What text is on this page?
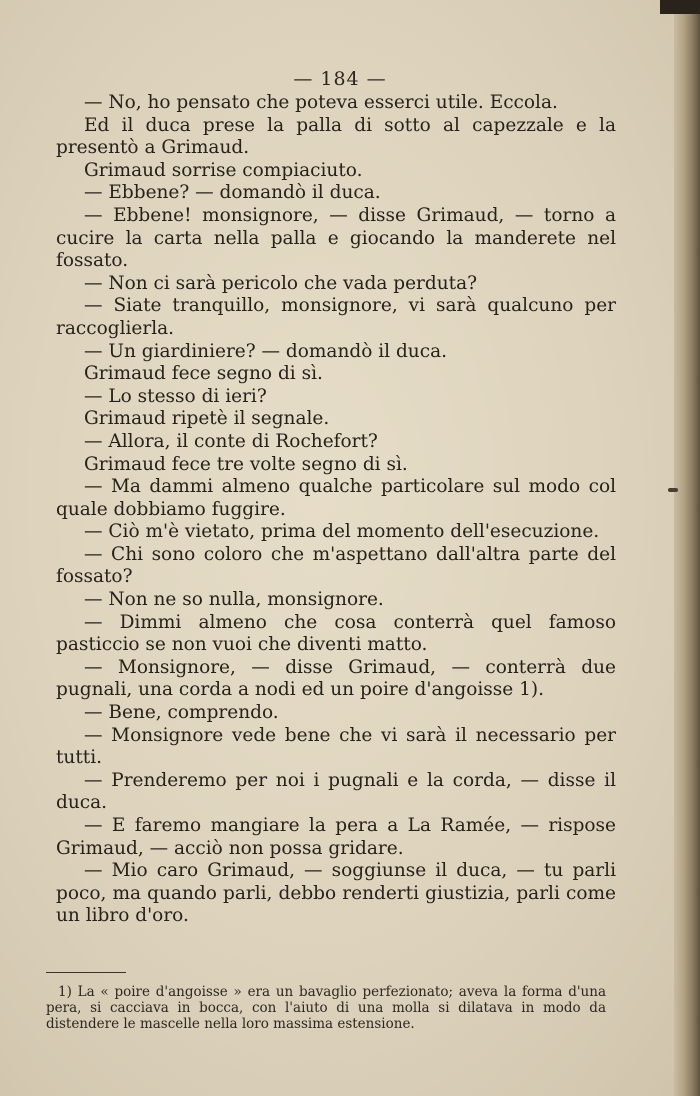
— 184 —

— No, ho pensato che poteva esserci utile. Eccola.

Ed il duca prese la palla di sotto al capezzale e la presentò a Grimaud.

Grimaud sorrise compiaciuto.

— Ebbene? — domandò il duca.

— Ebbene! monsignore, — disse Grimaud, — torno a cucire la carta nella palla e giocando la manderete nel fossato.

— Non ci sarà pericolo che vada perduta?

— Siate tranquillo, monsignore, vi sarà qualcuno per raccoglierla.

— Un giardiniere? — domandò il duca.

Grimaud fece segno di sì.

— Lo stesso di ieri?

Grimaud ripetè il segnale.

— Allora, il conte di Rochefort?

Grimaud fece tre volte segno di sì.

— Ma dammi almeno qualche particolare sul modo col quale dobbiamo fuggire.

— Ciò m'è vietato, prima del momento dell'esecuzione.

— Chi sono coloro che m'aspettano dall'altra parte del fossato?

— Non ne so nulla, monsignore.

— Dimmi almeno che cosa conterrà quel famoso pasticcio se non vuoi che diventi matto.

— Monsignore, — disse Grimaud, — conterrà due pugnali, una corda a nodi ed un poire d'angoisse 1).

— Bene, comprendo.

— Monsignore vede bene che vi sarà il necessario per tutti.

— Prenderemo per noi i pugnali e la corda, — disse il duca.

— E faremo mangiare la pera a La Ramée, — rispose Grimaud, — acciò non possa gridare.

— Mio caro Grimaud, — soggiunse il duca, — tu parli poco, ma quando parli, debbo renderti giustizia, parli come un libro d'oro.

1) La « poire d'angoisse » era un bavaglio perfezionato; aveva la forma d'una pera, si cacciava in bocca, con l'aiuto di una molla si dilatava in modo da distendere le mascelle nella loro massima estensione.
